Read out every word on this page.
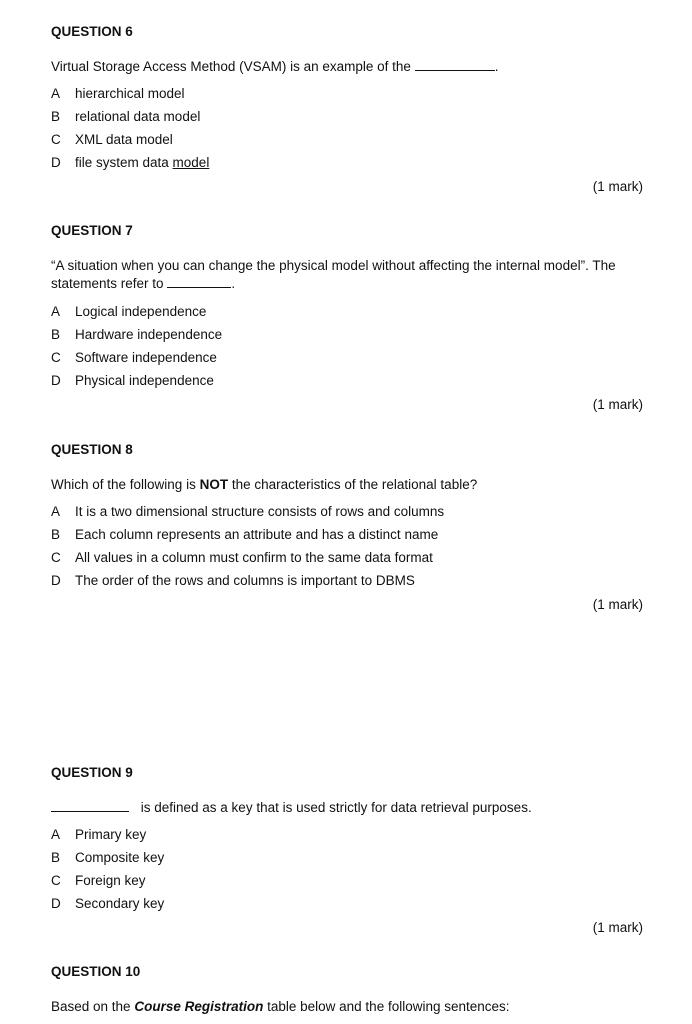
QUESTION 6
Virtual Storage Access Method (VSAM) is an example of the	.
A hierarchical model
B relational data model
C XML data model
D file system data model
(1 mark)
QUESTION 7
“A situation when you can change the physical model without affecting the internal model”. The
statements refer to	.
A Logical independence
B Hardware independence
C Software independence
D Physical independence
(1 mark)
QUESTION 8
Which of the following is NOT the characteristics of the relational table?
A It is a two dimensional structure consists of rows and columns
B Each column represents an attribute and has a distinct name
C All values in a column must confirm to the same data format
D The order of the rows and columns is important to DBMS
(1 mark)
QUESTION 9
is defined as a key that is used strictly for data retrieval purposes.
A Primary key
B Composite key
C Foreign key
D Secondary key
(1 mark)
QUESTION 10
Based on the Course Registration table below and the following sentences:
